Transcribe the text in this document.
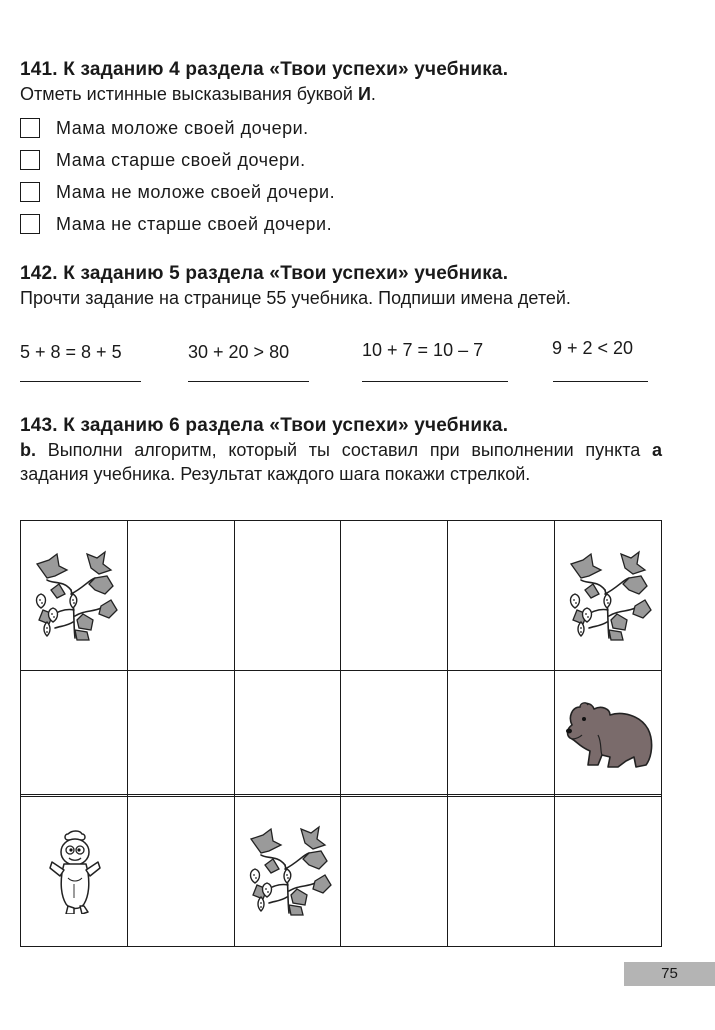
141. К заданию 4 раздела «Твои успехи» учебника.
Отметь истинные высказывания буквой И.
Мама моложе своей дочери.
Мама старше своей дочери.
Мама не моложе своей дочери.
Мама не старше своей дочери.
142. К заданию 5 раздела «Твои успехи» учебника.
Прочти задание на странице 55 учебника. Подпиши имена детей.
5 + 8 = 8 + 5	30 + 20 > 80	10 + 7 = 10 – 7	9 + 2 < 20
143. К заданию 6 раздела «Твои успехи» учебника.
b. Выполни алгоритм, который ты составил при выполнении пункта а задания учебника. Результат каждого шага покажи стрелкой.

75
